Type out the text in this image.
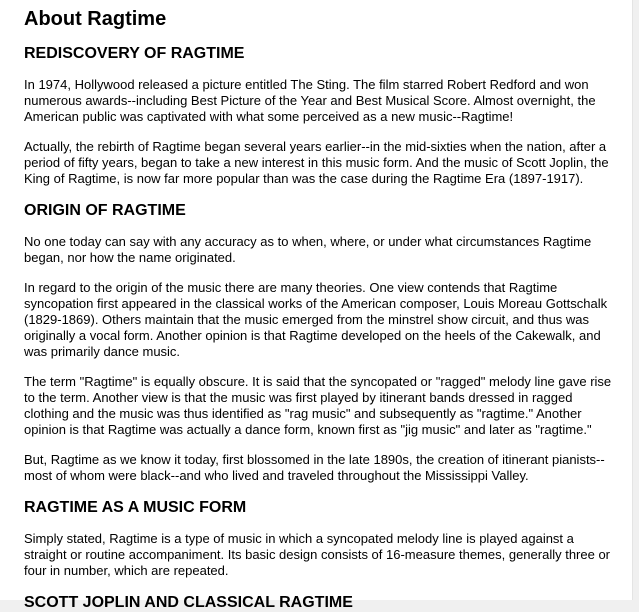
About Ragtime
REDISCOVERY OF RAGTIME

In 1974, Hollywood released a picture entitled The Sting. The film starred Robert Redford and won numerous awards--including Best Picture of the Year and Best Musical Score. Almost overnight, the American public was captivated with what some perceived as a new music--Ragtime!

Actually, the rebirth of Ragtime began several years earlier--in the mid-sixties when the nation, after a period of fifty years, began to take a new interest in this music form. And the music of Scott Joplin, the King of Ragtime, is now far more popular than was the case during the Ragtime Era (1897-1917).

ORIGIN OF RAGTIME

No one today can say with any accuracy as to when, where, or under what circumstances Ragtime began, nor how the name originated.

In regard to the origin of the music there are many theories. One view contends that Ragtime syncopation first appeared in the classical works of the American composer, Louis Moreau Gottschalk (1829-1869). Others maintain that the music emerged from the minstrel show circuit, and thus was originally a vocal form. Another opinion is that Ragtime developed on the heels of the Cakewalk, and was primarily dance music.

The term "Ragtime" is equally obscure. It is said that the syncopated or "ragged" melody line gave rise to the term. Another view is that the music was first played by itinerant bands dressed in ragged clothing and the music was thus identified as "rag music" and subsequently as "ragtime." Another opinion is that Ragtime was actually a dance form, known first as "jig music" and later as "ragtime."

But, Ragtime as we know it today, first blossomed in the late 1890s, the creation of itinerant pianists--most of whom were black--and who lived and traveled throughout the Mississippi Valley.

RAGTIME AS A MUSIC FORM

Simply stated, Ragtime is a type of music in which a syncopated melody line is played against a straight or routine accompaniment. Its basic design consists of 16-measure themes, generally three or four in number, which are repeated.

SCOTT JOPLIN AND CLASSICAL RAGTIME
